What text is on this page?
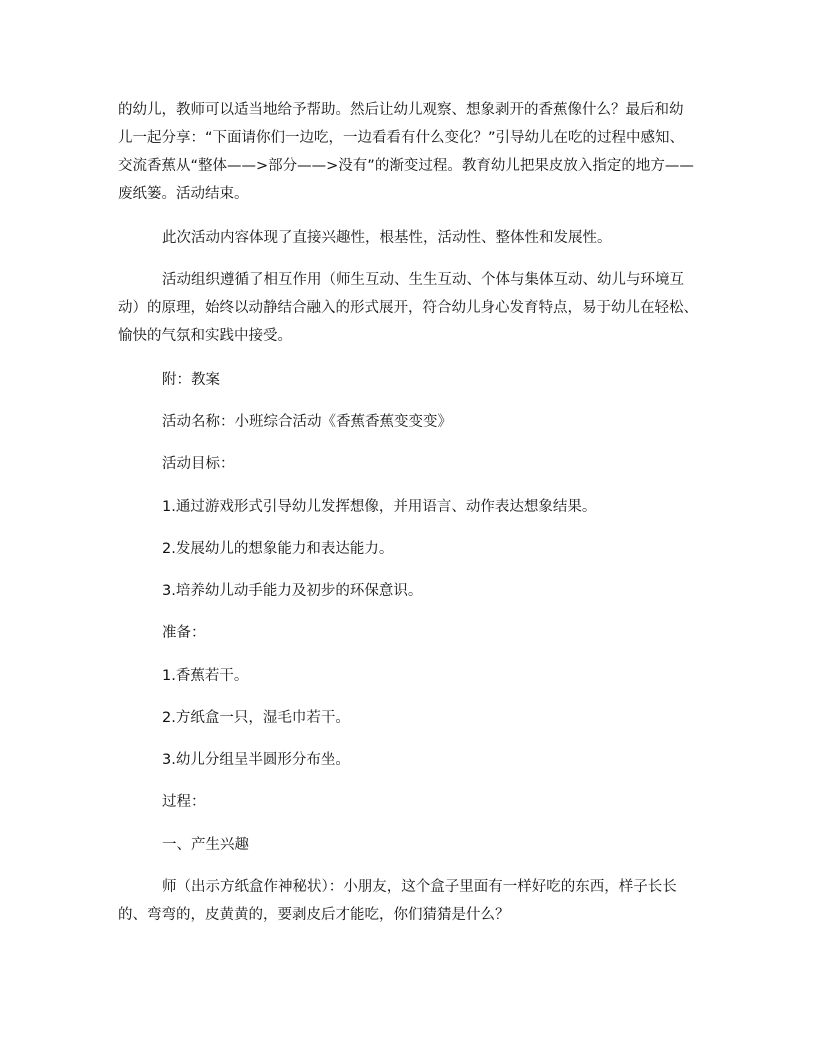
的幼儿，教师可以适当地给予帮助。然后让幼儿观察、想象剥开的香蕉像什么？最后和幼
儿一起分享：“下面请你们一边吃，一边看看有什么变化？”引导幼儿在吃的过程中感知、
交流香蕉从“整体——>部分——>没有”的渐变过程。教育幼儿把果皮放入指定的地方——
废纸篓。活动结束。
此次活动内容体现了直接兴趣性，根基性，活动性、整体性和发展性。
活动组织遵循了相互作用（师生互动、生生互动、个体与集体互动、幼儿与环境互
动）的原理，始终以动静结合融入的形式展开，符合幼儿身心发育特点，易于幼儿在轻松、
愉快的气氛和实践中接受。
附：教案
活动名称：小班综合活动《香蕉香蕉变变变》
活动目标：
1.通过游戏形式引导幼儿发挥想像，并用语言、动作表达想象结果。
2.发展幼儿的想象能力和表达能力。
3.培养幼儿动手能力及初步的环保意识。
准备：
1.香蕉若干。
2.方纸盒一只，湿毛巾若干。
3.幼儿分组呈半圆形分布坐。
过程：
一、产生兴趣
师（出示方纸盒作神秘状）：小朋友，这个盒子里面有一样好吃的东西，样子长长
的、弯弯的，皮黄黄的，要剥皮后才能吃，你们猜猜是什么？
